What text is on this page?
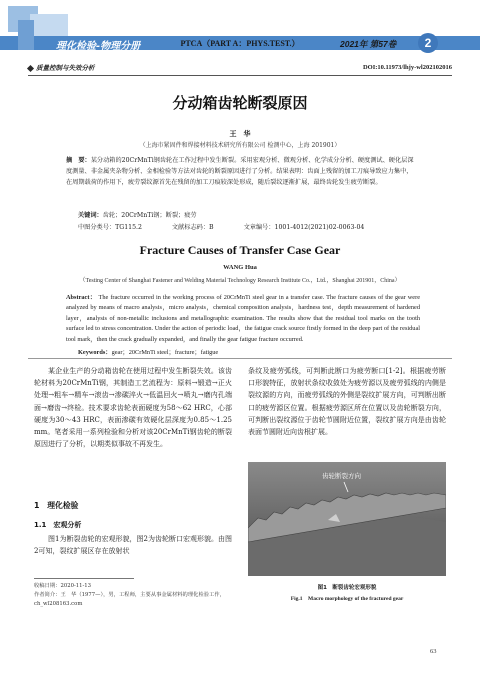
理化检验-物理分册	PTCA（PART A：PHYS.TEST.）	2021年 第57卷	2
质量控制与失效分析	DOI:10.11973/lhjy-wl202102016
分动箱齿轮断裂原因
王　华
（上海市紧固件和焊接材料技术研究所有限公司 检测中心，上海 201901）
摘　要：某分动箱的20CrMnTi钢齿轮在工作过程中发生断裂。采用宏观分析、微观分析、化学成分分析、硬度测试、硬化层深度测量、非金属夹杂物分析、金相检验等方法对齿轮的断裂原因进行了分析。结果表明：齿面上残留的加工刀痕导致应力集中，在周期载荷的作用下，疲劳裂纹源首先在残留的加工刀痕较深处形成，随后裂纹逐渐扩展，最终齿轮发生疲劳断裂。
关键词：齿轮；20CrMnTi钢；断裂；疲劳
中图分类号：TG115.2	文献标志码：B	文章编号：1001-4012(2021)02-0063-04
Fracture Causes of Transfer Case Gear
WANG Hua
（Testing Center of Shanghai Fastener and Welding Material Technology Research Institute Co.，Ltd.，Shanghai 201901，China）
Abstract： The fracture occurred in the working process of 20CrMnTi steel gear in a transfer case. The fracture causes of the gear were analyzed by means of macro analysis，micro analysis，chemical composition analysis，hardness test，depth measurement of hardened layer，analysis of non-metallic inclusions and metallographic examination. The results show that the residual tool marks on the tooth surface led to stress concentration. Under the action of periodic load，the fatigue crack source firstly formed in the deep part of the residual tool mark，then the crack gradually expanded，and finally the gear fatigue fracture occurred.
Keywords：gear；20CrMnTi steel；fracture；fatigue
某企业生产的分动箱齿轮在使用过程中发生断裂失效。该齿轮材料为20CrMnTi钢，其制造工艺流程为：原料→锻造→正火处理→粗车→精车→滚齿→渗碳淬火→低温回火→喷丸→磨内孔端面→磨齿→终检。技术要求齿轮表面硬度为58～62 HRC，心部硬度为30～43 HRC，表面渗碳有效硬化层深度为0.85～1.25 mm。笔者采用一系列检验和分析对该20CrMnTi钢齿轮的断裂原因进行了分析，以期类似事故不再发生。
1　理化检验
1.1　宏观分析
图1为断裂齿轮的宏观形貌，图2为齿轮断口宏观形貌。由图2可知，裂纹扩展区存在放射状
收稿日期：2020-11-13
作者简介：王　华（1977—），男，工程师，主要从事金属材料的理化检验工作，ch_wl208163.com
条纹及疲劳弧线，可判断此断口为疲劳断口[1-2]。根据疲劳断口形貌特征，放射状条纹收敛处为疲劳源以及疲劳弧线的内侧是裂纹源的方向，而疲劳弧线的外侧是裂纹扩展方向，可判断出断口的疲劳源区位置。根据疲劳源区所在位置以及齿轮断裂方向，可判断出裂纹源位于齿轮节圆附近位置，裂纹扩展方向是由齿轮表面节圆附近向齿根扩展。
齿轮断裂方向
图1　断裂齿轮宏观形貌
Fig.1　Macro morphology of the fractured gear
63
